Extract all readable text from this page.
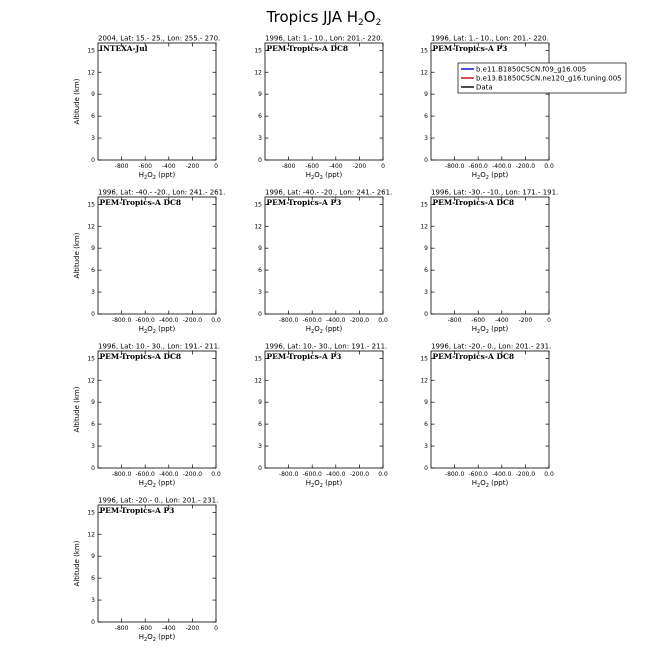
Tropics JJA $H_2O_2$
2004, Lat: 15.- 25., Lon: 255.- 270.
INTEXA-Jul
0
3
6
9
12
15
-800 -600 -400 -200 0
$H_2O_2$ (ppt)
Altitude (km)
1996, Lat: 1.- 10., Lon: 201.- 220.
PEM-Tropics-A DC8
0
3
6
9
12
15
-800 -600 -400 -200 0
$H_2O_2$ (ppt)
1996, Lat: 1.- 10., Lon: 201.- 220.
PEM-Tropics-A P3
0
3
6
9
12
15
-800.0 -600.0 -400.0 -200.0 0.0
$H_2O_2$ (ppt)
1996, Lat: -40.- -20., Lon: 241.- 261.
PEM-Tropics-A DC8
0
3
6
9
12
15
-800.0 -600.0 -400.0 -200.0 0.0
$H_2O_2$ (ppt)
Altitude (km)
1996, Lat: -40.- -20., Lon: 241.- 261.
PEM-Tropics-A P3
0
3
6
9
12
15
-800.0 -600.0 -400.0 -200.0 0.0
$H_2O_2$ (ppt)
1996, Lat: -30.- -10., Lon: 171.- 191.
PEM-Tropics-A DC8
0
3
6
9
12
15
-800 -600 -400 -200 0
$H_2O_2$ (ppt)
1996, Lat: 10.- 30., Lon: 191.- 211.
PEM-Tropics-A DC8
0
3
6
9
12
15
-800.0 -600.0 -400.0 -200.0 0.0
$H_2O_2$ (ppt)
Altitude (km)
1996, Lat: 10.- 30., Lon: 191.- 211.
PEM-Tropics-A P3
0
3
6
9
12
15
-800.0 -600.0 -400.0 -200.0 0.0
$H_2O_2$ (ppt)
1996, Lat: -20.- 0., Lon: 201.- 231.
PEM-Tropics-A DC8
0
3
6
9
12
15
-800.0 -600.0 -400.0 -200.0 0.0
$H_2O_2$ (ppt)
1996, Lat: -20.- 0., Lon: 201.- 231.
PEM-Tropics-A P3
0
3
6
9
12
15
-800 -600 -400 -200 0
$H_2O_2$ (ppt)
Altitude (km)
b.e11.B1850C5CN.f09_g16.005
b.e13.B1850C5CN.ne120_g16.tuning.005
Data
